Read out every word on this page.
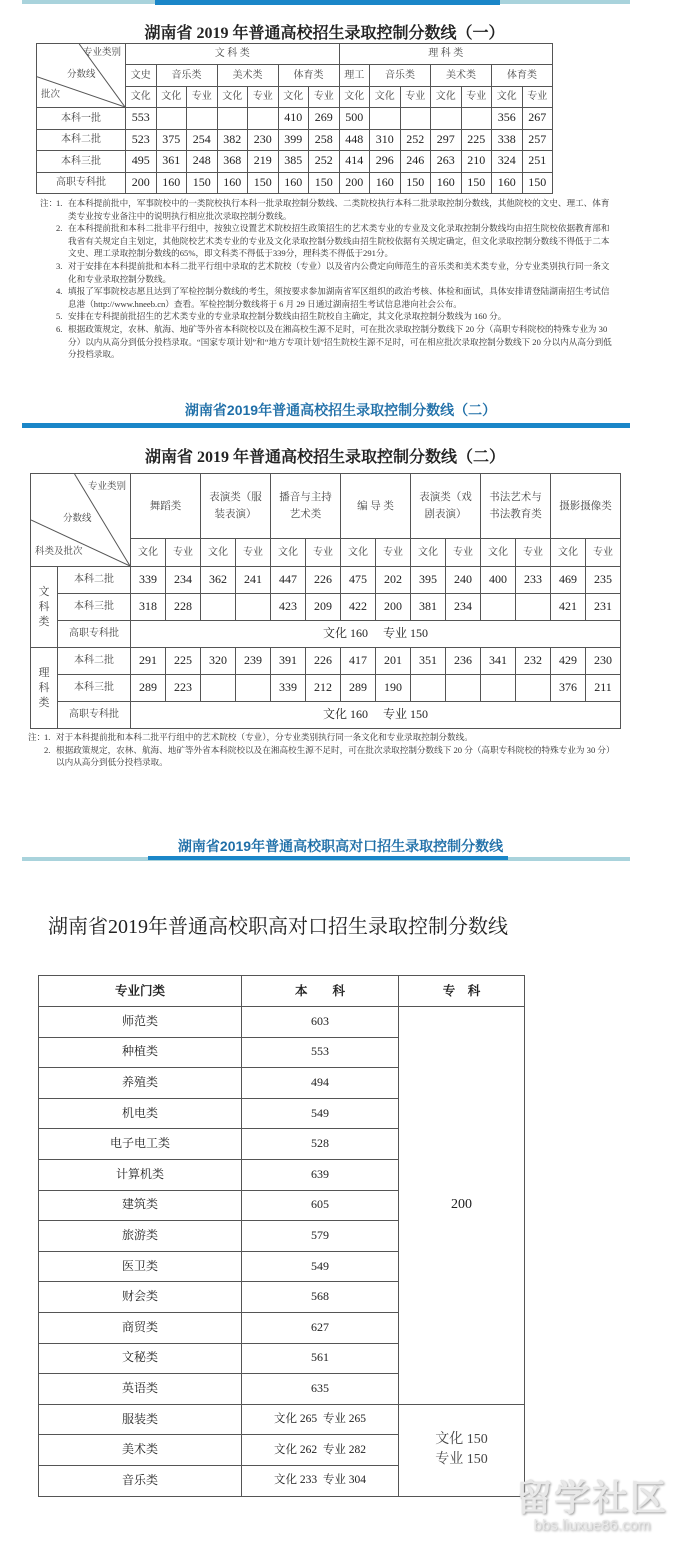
湖南省 2019 年普通高校招生录取控制分数线（一）
专业类别
分数线
批次	文 科 类							理 科 类						
	文史	音乐类		美术类		体育类		理工	音乐类		美术类		体育类	
	文化	文化	专业	文化	专业	文化	专业	文化	文化	专业	文化	专业	文化	专业
本科一批	553					410	269	500					356	267
本科二批	523	375	254	382	230	399	258	448	310	252	297	225	338	257
本科三批	495	361	248	368	219	385	252	414	296	246	263	210	324	251
高职专科批	200	160	150	160	150	160	150	200	160	150	160	150	160	150
注：
1. 在本科提前批中，军事院校中的一类院校执行本科一批录取控制分数线、二类院校执行本科二批录取控制分数线，其他院校的文史、理工、体育类专业按专业备注中的说明执行相应批次录取控制分数线。
2. 在本科提前批和本科二批非平行组中，按独立设置艺术院校招生政策招生的艺术类专业的专业及文化录取控制分数线均由招生院校依据教育部和我省有关规定自主划定，其他院校艺术类专业的专业及文化录取控制分数线由招生院校依据有关规定确定，但文化录取控制分数线不得低于二本文史、理工录取控制分数线的65%，即文科类不得低于339分，理科类不得低于291分。
3. 对于安排在本科提前批和本科二批平行组中录取的艺术院校（专业）以及省内公费定向师范生的音乐类和美术类专业，分专业类别执行同一条文化和专业录取控制分数线。
4. 填报了军事院校志愿且达到了军检控制分数线的考生，须按要求参加湖南省军区组织的政治考核、体检和面试，具体安排请登陆湖南招生考试信息港（http://www.hneeb.cn）查看。军检控制分数线将于 6 月 29 日通过湖南招生考试信息港向社会公布。
5. 安排在专科提前批招生的艺术类专业的专业录取控制分数线由招生院校自主确定，其文化录取控制分数线为 160 分。
6. 根据政策规定，农林、航海、地矿等外省本科院校以及在湘高校生源不足时，可在批次录取控制分数线下 20 分（高职专科院校的特殊专业为 30 分）以内从高分到低分投档录取。“国家专项计划”和“地方专项计划”招生院校生源不足时，可在相应批次录取控制分数线下 20 分以内从高分到低分投档录取。
湖南省2019年普通高校招生录取控制分数线（二）
湖南省 2019 年普通高校招生录取控制分数线（二）
专业类别
分数线
科类及批次		舞蹈类		表演类（服装表演）		播音与主持艺术类		编 导 类		表演类（戏剧表演）		书法艺术与书法教育类		摄影摄像类	
		文化	专业	文化	专业	文化	专业	文化	专业	文化	专业	文化	专业	文化	专业
文科类	本科二批	339	234	362	241	447	226	475	202	395	240	400	233	469	235
	本科三批	318	228			423	209	422	200	381	234			421	231
	高职专科批	文化 160　 专业 150													
理科类	本科二批	291	225	320	239	391	226	417	201	351	236	341	232	429	230
	本科三批	289	223			339	212	289	190					376	211
	高职专科批	文化 160　 专业 150													
注：
1. 对于本科提前批和本科二批平行组中的艺术院校（专业），分专业类别执行同一条文化和专业录取控制分数线。
2. 根据政策规定，农林、航海、地矿等外省本科院校以及在湘高校生源不足时，可在批次录取控制分数线下 20 分（高职专科院校的特殊专业为 30 分）以内从高分到低分投档录取。
湖南省2019年普通高校职高对口招生录取控制分数线
湖南省2019年普通高校职高对口招生录取控制分数线
专业门类	本　　科	专　科
师范类	603	200
种植类	553	
养殖类	494	
机电类	549	
电子电工类	528	
计算机类	639	
建筑类	605	
旅游类	579	
医卫类	549	
财会类	568	
商贸类	627	
文秘类	561	
英语类	635	
服装类	文化 265  专业 265	文化 150
专业 150

美术类	文化 262  专业 282	
音乐类	文化 233  专业 304		留学社区
bbs.liuxue86.com
